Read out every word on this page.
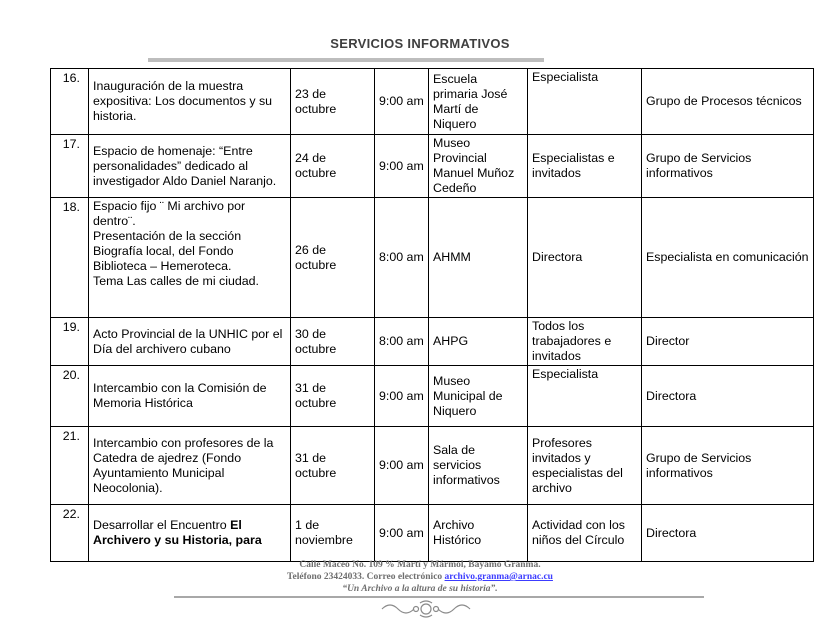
SERVICIOS INFORMATIVOS
16.	Inauguración de la muestra expositiva: Los documentos y su historia.	23 de octubre	9:00 am	Escuela primaria José Martí de Niquero	Especialista	Grupo de Procesos técnicos
17.	Espacio de homenaje: “Entre personalidades” dedicado al investigador Aldo Daniel Naranjo.	24 de octubre	9:00 am	Museo Provincial Manuel Muñoz Cedeño	Especialistas e invitados	Grupo de Servicios informativos
18.	Espacio fijo ¨ Mi archivo por dentro¨.
Presentación de la sección Biografía local, del Fondo Biblioteca – Hemeroteca.
Tema Las calles de mi ciudad.	26 de octubre	8:00 am	AHMM	Directora	Especialista en comunicación
19.	Acto Provincial de la UNHIC por el Día del archivero cubano	30 de octubre	8:00 am	AHPG	Todos los trabajadores e invitados	Director
20.	Intercambio con la Comisión de Memoria Histórica	31 de octubre	9:00 am	Museo Municipal de Niquero	Especialista	Directora
21.	Intercambio con profesores de la Catedra de ajedrez (Fondo Ayuntamiento Municipal Neocolonia).	31 de octubre	9:00 am	Sala de servicios informativos	Profesores invitados y especialistas del archivo	Grupo de Servicios informativos
22.	Desarrollar el Encuentro El Archivero y su Historia, para	1 de noviembre	9:00 am	Archivo Histórico	Actividad con los niños del Círculo	Directora
Calle Maceo No. 109 % Martí y Mármol, Bayamo Granma.
Teléfono 23424033. Correo electrónico archivo.granma@arnac.cu
“Un Archivo a la altura de su historia”.
